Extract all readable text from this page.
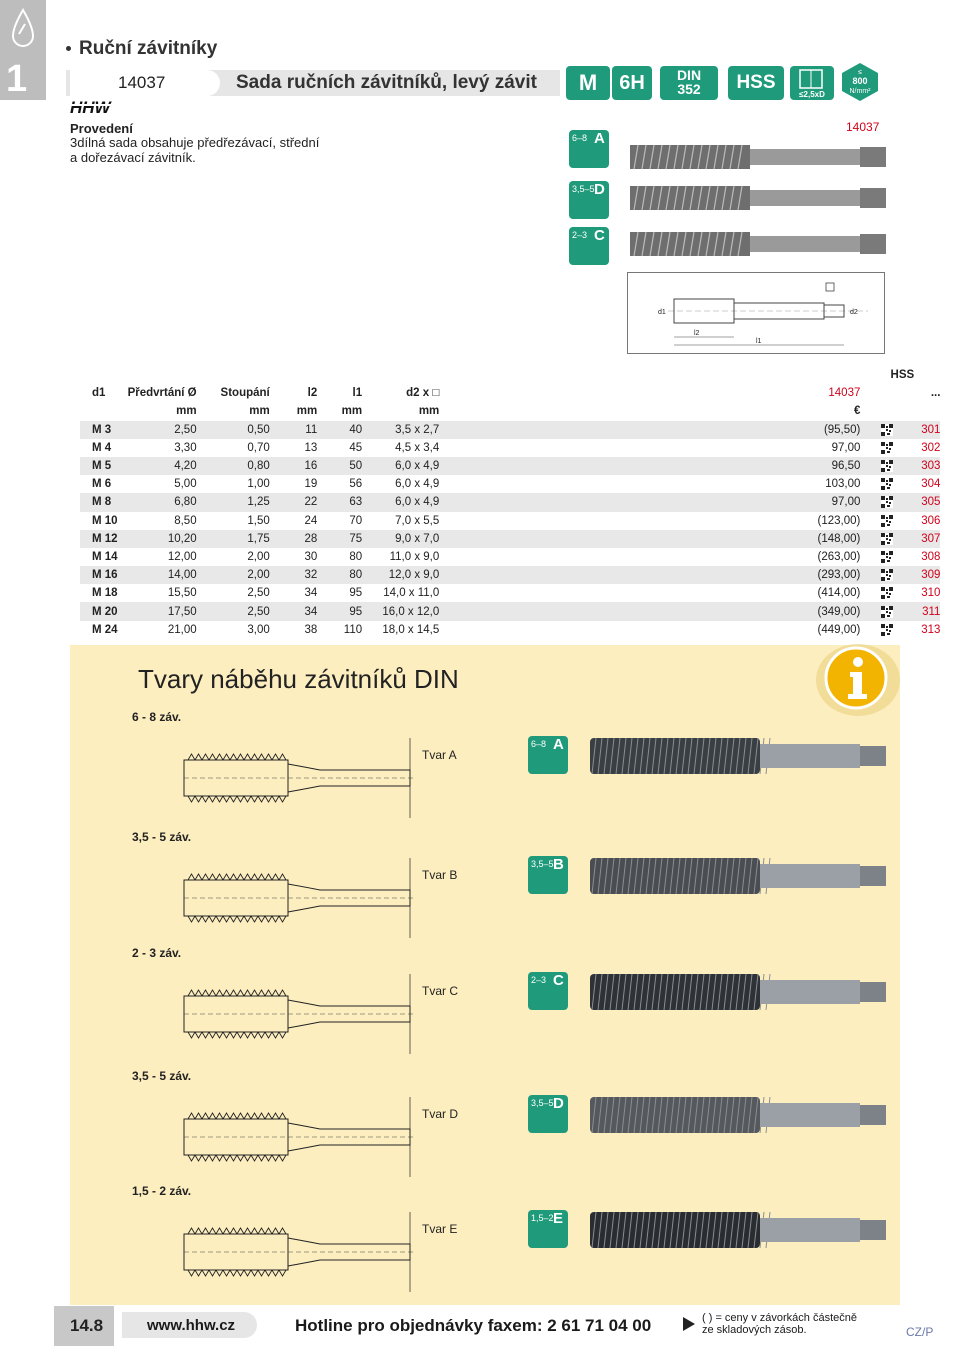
1
Ruční závitníky
14037	Sada ručních závitníků, levý závit
HHW
Provedení
3dílná sada obsahuje předřezávací, střední a dořezávací závitník.
M	6H	DIN
352	HSS
≤2,5xD
≤
800
N/mm²
14037
6–8 A
3,5–5 D
2–3 C
l2
l1
d1	d2
								HSS		
d1	Předvrtání Ø	Stoupání	l2	l1	d2 x □		14037		...	
	mm	mm	mm	mm	mm		€			
M 3	2,50	0,50	11	40	3,5 x 2,7		(95,50)		301	
M 4	3,30	0,70	13	45	4,5 x 3,4		97,00		302	
M 5	4,20	0,80	16	50	6,0 x 4,9		96,50		303	
M 6	5,00	1,00	19	56	6,0 x 4,9		103,00		304	
M 8	6,80	1,25	22	63	6,0 x 4,9		97,00		305	
M 10	8,50	1,50	24	70	7,0 x 5,5		(123,00)		306	
M 12	10,20	1,75	28	75	9,0 x 7,0		(148,00)		307	
M 14	12,00	2,00	30	80	11,0 x 9,0		(263,00)		308	
M 16	14,00	2,00	32	80	12,0 x 9,0		(293,00)		309	
M 18	15,50	2,50	34	95	14,0 x 11,0		(414,00)		310	
M 20	17,50	2,50	34	95	16,0 x 12,0		(349,00)		311	
M 24	21,00	3,00	38	110	18,0 x 14,5		(449,00)		313	
Tvary náběhu závitníků DIN
6 - 8 záv.
Tvar A
6–8 A
3,5 - 5 záv.
Tvar B
3,5–5 B
2 - 3 záv.
Tvar C
2–3 C
3,5 - 5 záv.
Tvar D
3,5–5 D
1,5 - 2 záv.
Tvar E
1,5–2 E
14.8	www.hhw.cz	Hotline pro objednávky faxem: 2 61 71 04 00	( ) = ceny v závorkách částečně
ze skladových zásob.	CZ/P
